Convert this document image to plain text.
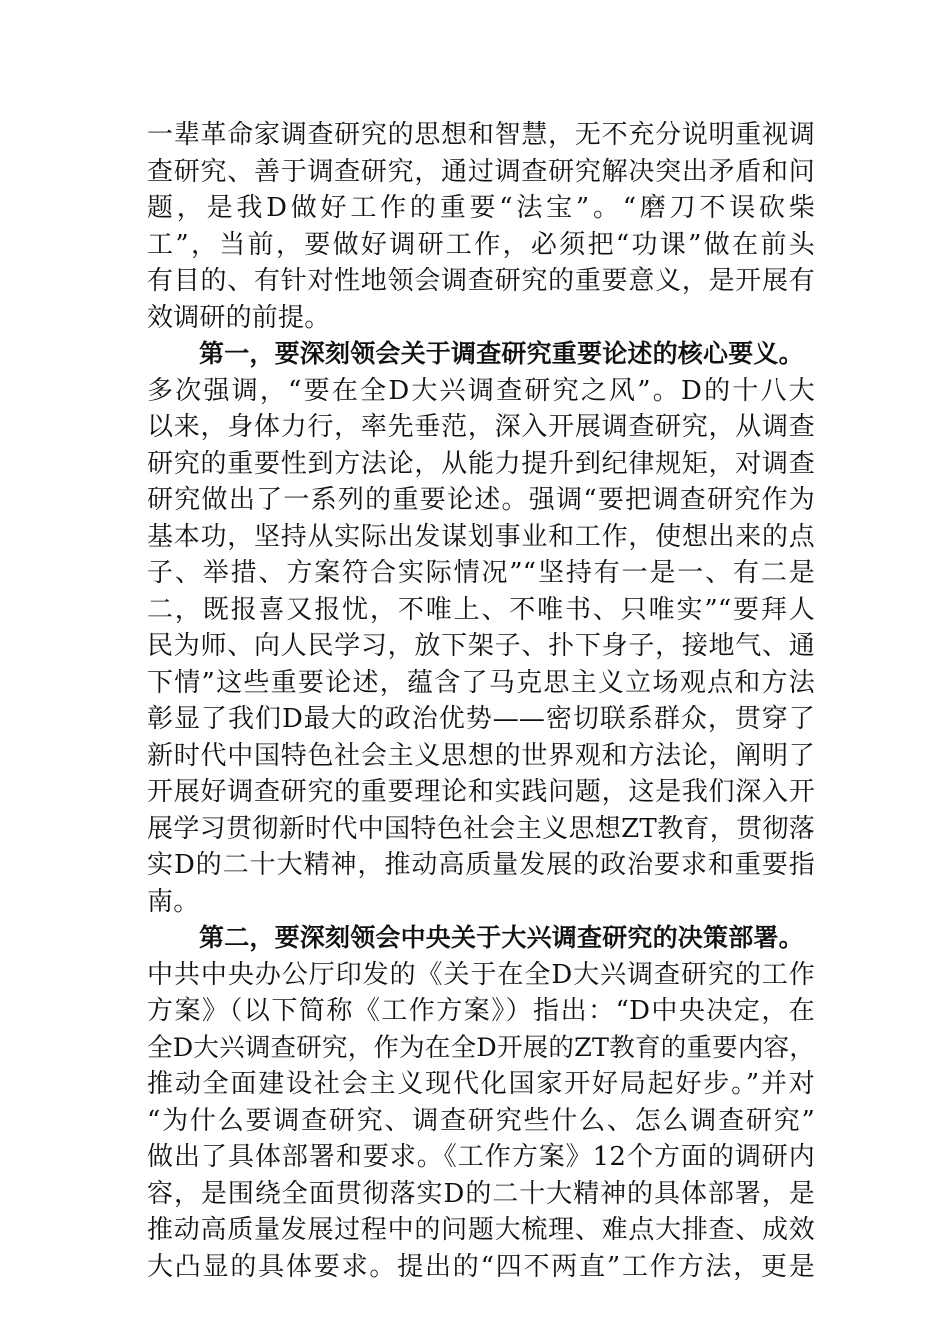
一辈革命家调查研究的思想和智慧，无不充分说明重视调
查研究、善于调查研究，通过调查研究解决突出矛盾和问
题，是我D做好工作的重要“法宝”。“磨刀不误砍柴
工”，当前，要做好调研工作，必须把“功课”做在前头
有目的、有针对性地领会调查研究的重要意义，是开展有
效调研的前提。
第一，要深刻领会关于调查研究重要论述的核心要义。
多次强调，“要在全D大兴调查研究之风”。D的十八大
以来，身体力行，率先垂范，深入开展调查研究，从调查
研究的重要性到方法论，从能力提升到纪律规矩，对调查
研究做出了一系列的重要论述。强调“要把调查研究作为
基本功，坚持从实际出发谋划事业和工作，使想出来的点
子、举措、方案符合实际情况”“坚持有一是一、有二是
二，既报喜又报忧，不唯上、不唯书、只唯实”“要拜人
民为师、向人民学习，放下架子、扑下身子，接地气、通
下情”这些重要论述，蕴含了马克思主义立场观点和方法
彰显了我们D最大的政治优势——密切联系群众，贯穿了
新时代中国特色社会主义思想的世界观和方法论，阐明了
开展好调查研究的重要理论和实践问题，这是我们深入开
展学习贯彻新时代中国特色社会主义思想ZT教育，贯彻落
实D的二十大精神，推动高质量发展的政治要求和重要指
南。
第二，要深刻领会中央关于大兴调查研究的决策部署。
中共中央办公厅印发的《关于在全D大兴调查研究的工作
方案》（以下简称《工作方案》）指出：“D中央决定，在
全D大兴调查研究，作为在全D开展的ZT教育的重要内容，
推动全面建设社会主义现代化国家开好局起好步。”并对
“为什么要调查研究、调查研究些什么、怎么调查研究”
做出了具体部署和要求。《工作方案》12个方面的调研内
容，是围绕全面贯彻落实D的二十大精神的具体部署，是
推动高质量发展过程中的问题大梳理、难点大排查、成效
大凸显的具体要求。提出的“四不两直”工作方法，更是
